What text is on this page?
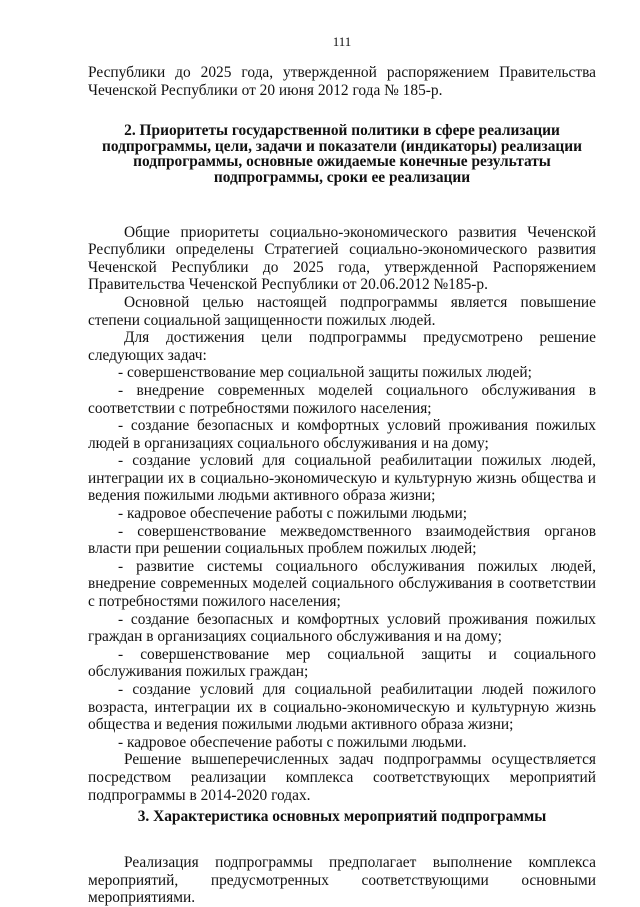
111

Республики до 2025 года, утвержденной распоряжением Правительства Чеченской Республики от 20 июня 2012 года № 185-р.

2. Приоритеты государственной политики в сфере реализации подпрограммы, цели, задачи и показатели (индикаторы) реализации подпрограммы, основные ожидаемые конечные результаты подпрограммы, сроки ее реализации

Общие приоритеты социально-экономического развития Чеченской Республики определены Стратегией социально-экономического развития Чеченской Республики до 2025 года, утвержденной Распоряжением Правительства Чеченской Республики от 20.06.2012 №185-р.

Основной целью настоящей подпрограммы является повышение степени социальной защищенности пожилых людей.

Для достижения цели подпрограммы предусмотрено решение следующих задач:

- совершенствование мер социальной защиты пожилых людей;

- внедрение современных моделей социального обслуживания в соответствии с потребностями пожилого населения;

- создание безопасных и комфортных условий проживания пожилых людей в организациях социального обслуживания и на дому;

- создание условий для социальной реабилитации пожилых людей, интеграции их в социально-экономическую и культурную жизнь общества и ведения пожилыми людьми активного образа жизни;

- кадровое обеспечение работы с пожилыми людьми;

- совершенствование межведомственного взаимодействия органов власти при решении социальных проблем пожилых людей;

- развитие системы социального обслуживания пожилых людей, внедрение современных моделей социального обслуживания в соответствии с потребностями пожилого населения;

- создание безопасных и комфортных условий проживания пожилых граждан в организациях социального обслуживания и на дому;

- совершенствование мер социальной защиты и социального обслуживания пожилых граждан;

- создание условий для социальной реабилитации людей пожилого возраста, интеграции их в социально-экономическую и культурную жизнь общества и ведения пожилыми людьми активного образа жизни;

- кадровое обеспечение работы с пожилыми людьми.

Решение вышеперечисленных задач подпрограммы осуществляется посредством реализации комплекса соответствующих мероприятий подпрограммы в 2014-2020 годах.

3. Характеристика основных мероприятий подпрограммы

Реализация подпрограммы предполагает выполнение комплекса мероприятий, предусмотренных соответствующими основными мероприятиями.
